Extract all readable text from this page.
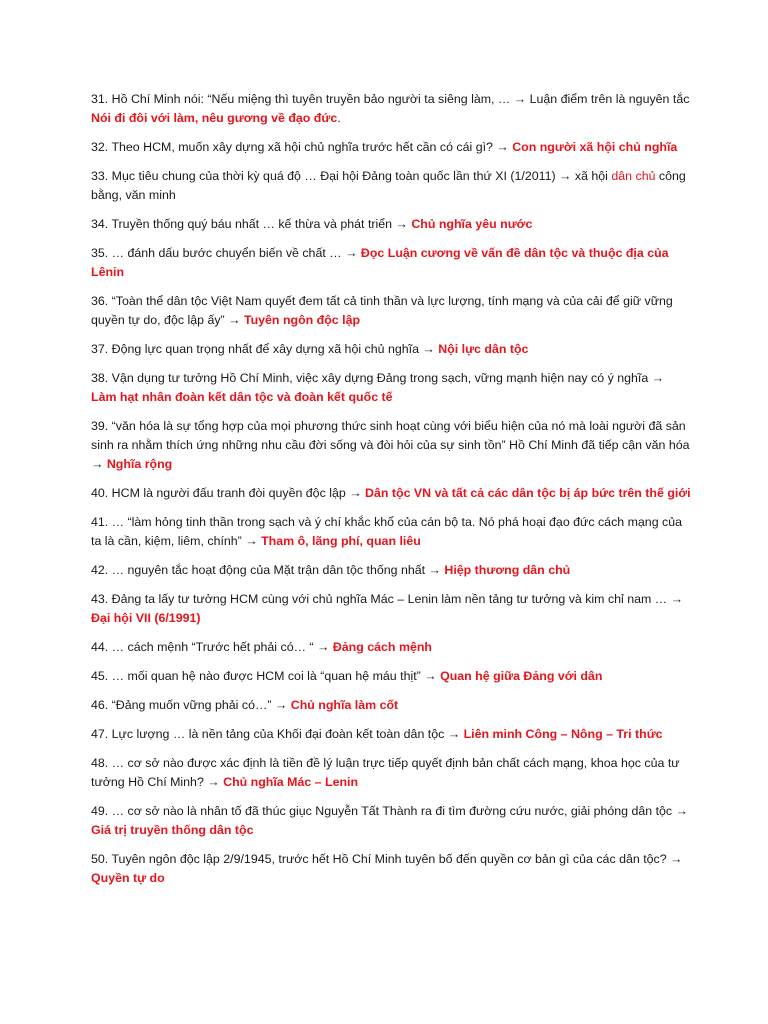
31. Hồ Chí Minh nói: “Nếu miệng thì tuyên truyền bảo người ta siêng làm, … → Luận điểm trên là nguyên tắc Nói đi đôi với làm, nêu gương về đạo đức.

32. Theo HCM, muốn xây dựng xã hội chủ nghĩa trước hết cần có cái gì? → Con người xã hội chủ nghĩa

33. Mục tiêu chung của thời kỳ quá độ … Đại hội Đảng toàn quốc lần thứ XI (1/2011) → xã hội dân chủ công bằng, văn minh

34. Truyền thống quý báu nhất … kế thừa và phát triển → Chủ nghĩa yêu nước

35. … đánh dấu bước chuyển biến về chất … → Đọc Luận cương về vấn đề dân tộc và thuộc địa của Lênin

36. “Toàn thể dân tộc Việt Nam quyết đem tất cả tinh thần và lực lượng, tính mạng và của cải để giữ vững quyền tự do, độc lập ấy” → Tuyên ngôn độc lập

37. Động lực quan trọng nhất để xây dựng xã hội chủ nghĩa → Nội lực dân tộc

38. Vận dụng tư tưởng Hồ Chí Minh, việc xây dựng Đảng trong sạch, vững mạnh hiện nay có ý nghĩa → Làm hạt nhân đoàn kết dân tộc và đoàn kết quốc tế

39. “văn hóa là sự tổng hợp của mọi phương thức sinh hoạt cùng với biểu hiện của nó mà loài người đã sản sinh ra nhằm thích ứng những nhu cầu đời sống và đòi hỏi của sự sinh tồn” Hồ Chí Minh đã tiếp cận văn hóa → Nghĩa rộng

40. HCM là người đấu tranh đòi quyền độc lập → Dân tộc VN và tất cả các dân tộc bị áp bức trên thế giới

41. … “làm hỏng tinh thần trong sạch và ý chí khắc khổ của cán bộ ta. Nó phá hoại đạo đức cách mạng của ta là cần, kiệm, liêm, chính” → Tham ô, lãng phí, quan liêu

42. … nguyên tắc hoạt động của Mặt trận dân tộc thống nhất → Hiệp thương dân chủ

43. Đảng ta lấy tư tưởng HCM cùng với chủ nghĩa Mác – Lenin làm nền tảng tư tưởng và kim chỉ nam … → Đại hội VII (6/1991)

44. … cách mệnh “Trước hết phải có… “ → Đảng cách mệnh

45. … mối quan hệ nào được HCM coi là “quan hệ máu thịt” → Quan hệ giữa Đảng với dân

46. “Đảng muốn vững phải có…” → Chủ nghĩa làm cốt

47. Lực lượng … là nền tảng của Khối đại đoàn kết toàn dân tộc → Liên minh Công – Nông – Tri thức

48. … cơ sở nào được xác định là tiền đề lý luận trực tiếp quyết định bản chất cách mạng, khoa học của tư tưởng Hồ Chí Minh? → Chủ nghĩa Mác – Lenin

49. … cơ sở nào là nhân tố đã thúc giục Nguyễn Tất Thành ra đi tìm đường cứu nước, giải phóng dân tộc → Giá trị truyền thống dân tộc

50. Tuyên ngôn độc lập 2/9/1945, trước hết Hồ Chí Minh tuyên bố đến quyền cơ bản gì của các dân tộc? → Quyền tự do
